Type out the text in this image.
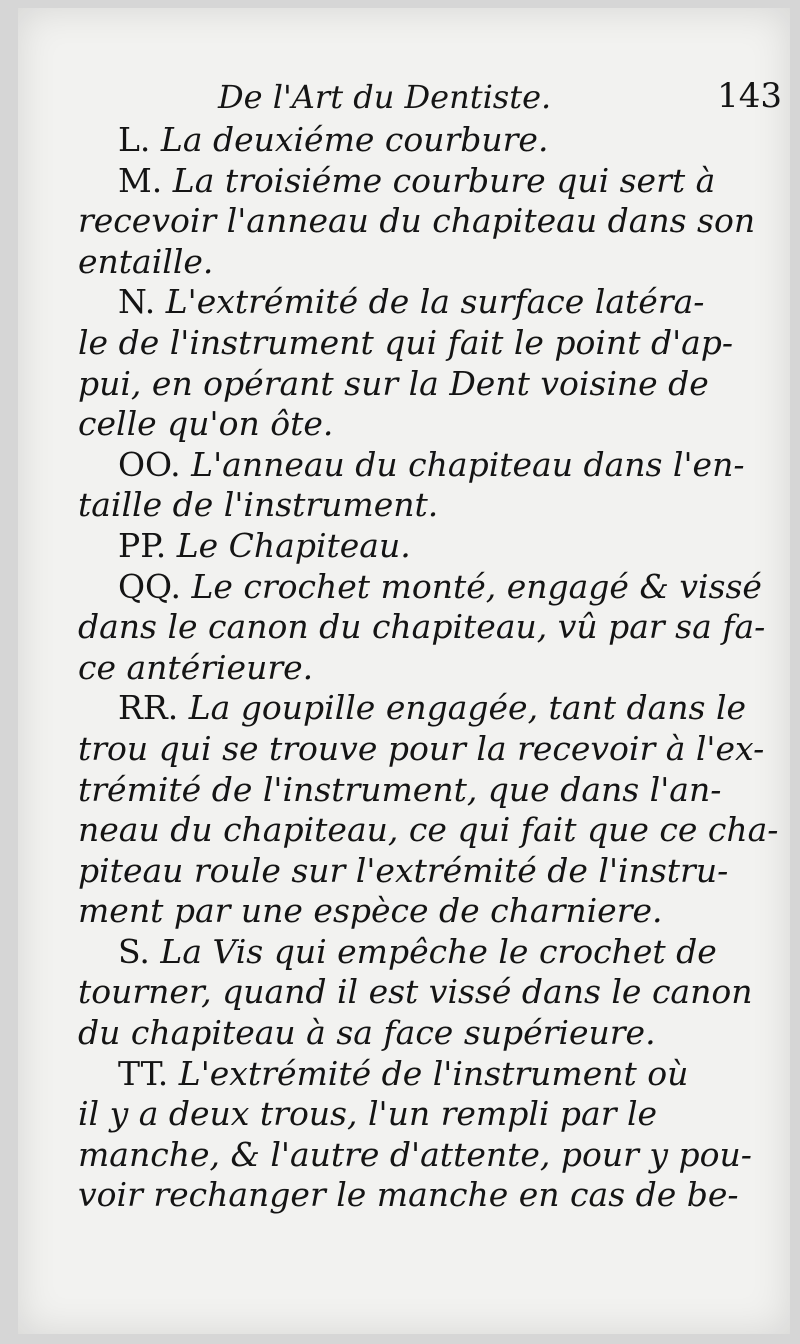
De l'Art du Dentiste.	143
L. La deuxiéme courbure.
M. La troisiéme courbure qui sert à
recevoir l'anneau du chapiteau dans son
entaille.
N. L'extrémité de la surface latéra-
le de l'instrument qui fait le point d'ap-
pui, en opérant sur la Dent voisine de
celle qu'on ôte.
OO. L'anneau du chapiteau dans l'en-
taille de l'instrument.
PP. Le Chapiteau.
QQ. Le crochet monté, engagé & vissé
dans le canon du chapiteau, vû par sa fa-
ce antérieure.
RR. La goupille engagée, tant dans le
trou qui se trouve pour la recevoir à l'ex-
trémité de l'instrument, que dans l'an-
neau du chapiteau, ce qui fait que ce cha-
piteau roule sur l'extrémité de l'instru-
ment par une espèce de charniere.
S. La Vis qui empêche le crochet de
tourner, quand il est vissé dans le canon
du chapiteau à sa face supérieure.
TT. L'extrémité de l'instrument où
il y a deux trous, l'un rempli par le
manche, & l'autre d'attente, pour y pou-
voir rechanger le manche en cas de be-
